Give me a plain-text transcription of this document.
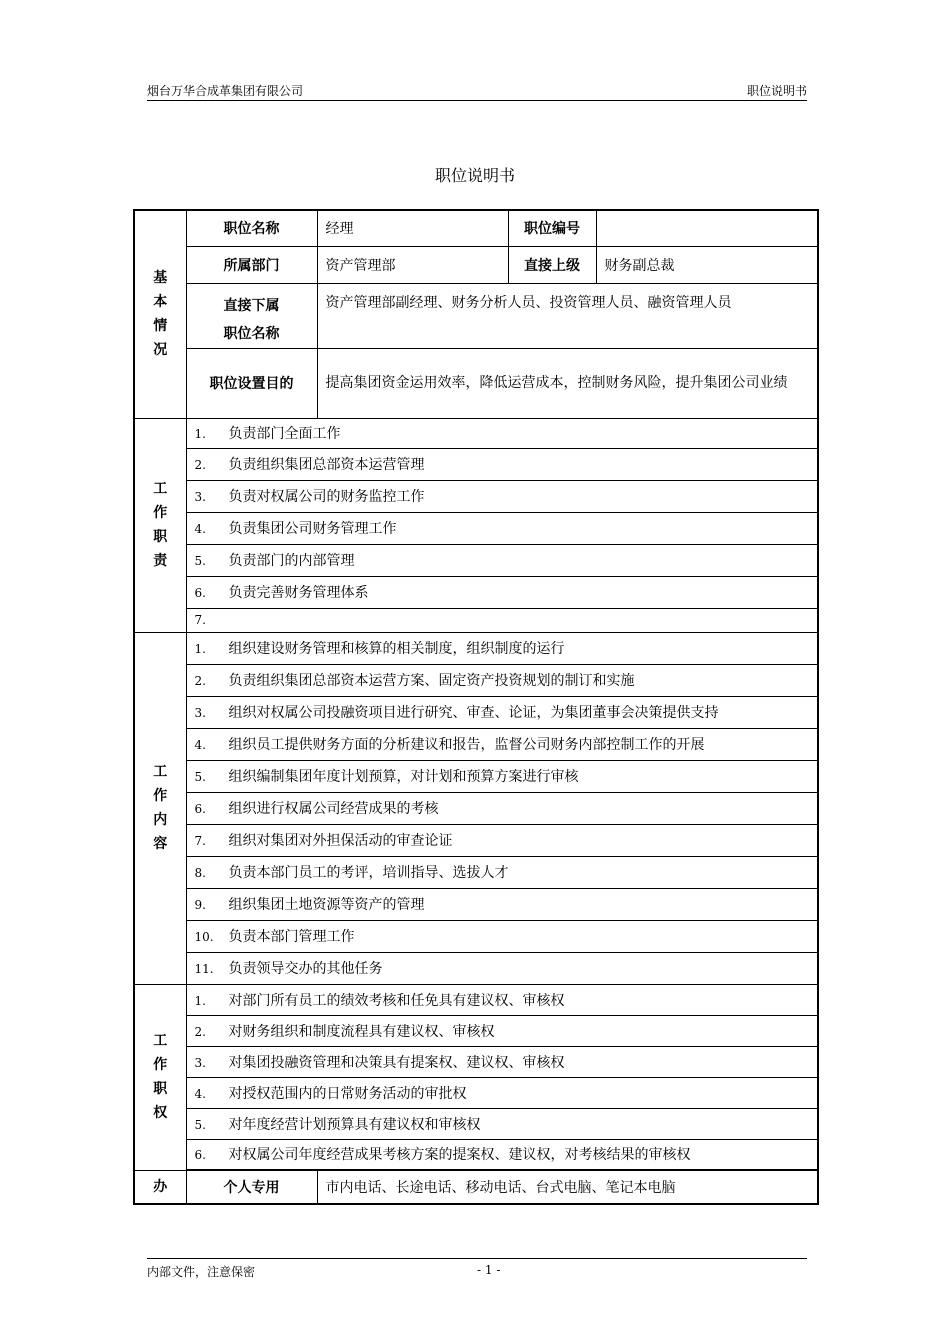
烟台万华合成革集团有限公司	职位说明书
职位说明书
基
本
情
况	职位名称	经理	职位编号	
	所属部门	资产管理部	直接上级	财务副总裁

	直接下属
职位名称	资产管理部副经理、财务分析人员、投资管理人员、融资管理人员		
	职位设置目的	提高集团资金运用效率，降低运营成本，控制财务风险，提升集团公司业绩		
工
作
职
责	1. 负责部门全面工作			
	2. 负责组织集团总部资本运营管理			
	3. 负责对权属公司的财务监控工作			
	4. 负责集团公司财务管理工作			
	5. 负责部门的内部管理			
	6. 负责完善财务管理体系			
	7.			
工
作
内
容	1. 组织建设财务管理和核算的相关制度，组织制度的运行			
	2. 负责组织集团总部资本运营方案、固定资产投资规划的制订和实施			
	3. 组织对权属公司投融资项目进行研究、审查、论证，为集团董事会决策提供支持			
	4. 组织员工提供财务方面的分析建议和报告，监督公司财务内部控制工作的开展			
	5. 组织编制集团年度计划预算，对计划和预算方案进行审核			
	6. 组织进行权属公司经营成果的考核			
	7. 组织对集团对外担保活动的审查论证			
	8. 负责本部门员工的考评，培训指导、选拔人才			
	9. 组织集团土地资源等资产的管理			
	10. 负责本部门管理工作			
	11. 负责领导交办的其他任务			
工
作
职
权	1. 对部门所有员工的绩效考核和任免具有建议权、审核权			
	2. 对财务组织和制度流程具有建议权、审核权			
	3. 对集团投融资管理和决策具有提案权、建议权、审核权			
	4. 对授权范围内的日常财务活动的审批权			
	5. 对年度经营计划预算具有建议权和审核权			
	6. 对权属公司年度经营成果考核方案的提案权、建议权，对考核结果的审核权			
办	个人专用	市内电话、长途电话、移动电话、台式电脑、笔记本电脑		
内部文件，注意保密	- 1 -
